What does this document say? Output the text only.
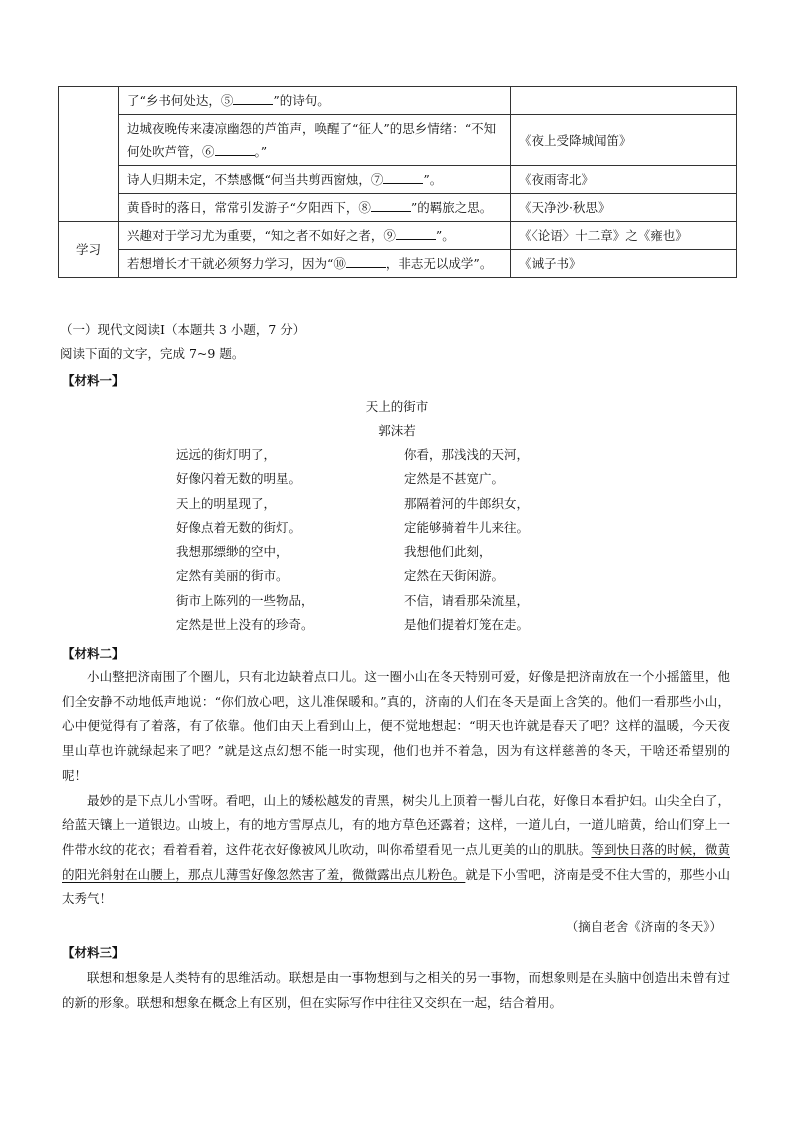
	了“乡书何处达，⑤ ”的诗句。	
	边城夜晚传来凄凉幽怨的芦笛声，唤醒了“征人”的思乡情绪：“不知何处吹芦管，⑥ 。”	《夜上受降城闻笛》
	诗人归期未定，不禁感慨“何当共剪西窗烛，⑦ ”。	《夜雨寄北》
	黄昏时的落日，常常引发游子“夕阳西下，⑧ ”的羁旅之思。	《天净沙·秋思》
学习	兴趣对于学习尤为重要，“知之者不如好之者，⑨ ”。	《〈论语〉十二章》之《雍也》
	若想增长才干就必须努力学习，因为“⑩ ，非志无以成学”。	《诫子书》
（一）现代文阅读Ⅰ（本题共 3 小题，7 分）
阅读下面的文字，完成 7~9 题。
【材料一】
天上的街市
郭沫若
远远的街灯明了，
好像闪着无数的明星。
天上的明星现了，
好像点着无数的街灯。
我想那缥缈的空中，
定然有美丽的街市。
街市上陈列的一些物品，
定然是世上没有的珍奇。
你看，那浅浅的天河，
定然是不甚宽广。
那隔着河的牛郎织女，
定能够骑着牛儿来往。
我想他们此刻，
定然在天街闲游。
不信，请看那朵流星，
是他们提着灯笼在走。
【材料二】

小山整把济南围了个圈儿，只有北边缺着点口儿。这一圈小山在冬天特别可爱，好像是把济南放在一个小摇篮里，他们全安静不动地低声地说：“你们放心吧，这儿准保暖和。”真的，济南的人们在冬天是面上含笑的。他们一看那些小山，心中便觉得有了着落，有了依靠。他们由天上看到山上，便不觉地想起：“明天也许就是春天了吧？这样的温暖，今天夜里山草也许就绿起来了吧？”就是这点幻想不能一时实现，他们也并不着急，因为有这样慈善的冬天，干啥还希望别的呢！

最妙的是下点儿小雪呀。看吧，山上的矮松越发的青黑，树尖儿上顶着一髻儿白花，好像日本看护妇。山尖全白了，给蓝天镶上一道银边。山坡上，有的地方雪厚点儿，有的地方草色还露着；这样，一道儿白，一道儿暗黄，给山们穿上一件带水纹的花衣；看着看着，这件花衣好像被风儿吹动，叫你希望看见一点儿更美的山的肌肤。等到快日落的时候，微黄的阳光斜射在山腰上，那点儿薄雪好像忽然害了羞，微微露出点儿粉色。就是下小雪吧，济南是受不住大雪的，那些小山太秀气！

（摘自老舍《济南的冬天》）
【材料三】

联想和想象是人类特有的思维活动。联想是由一事物想到与之相关的另一事物，而想象则是在头脑中创造出未曾有过的新的形象。联想和想象在概念上有区别，但在实际写作中往往又交织在一起，结合着用。
